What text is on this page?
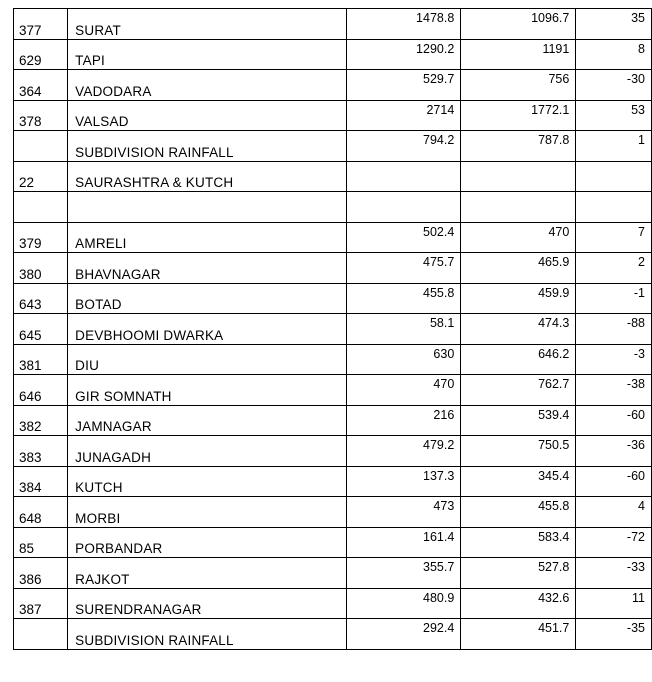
377	SURAT	1478.8	1096.7	35

629	TAPI	1290.2	1191	8

364	VADODARA	529.7	756	-30

378	VALSAD	2714	1772.1	53

	SUBDIVISION RAINFALL	794.2	787.8	1

22	SAURASHTRA & KUTCH			

379	AMRELI	502.4	470	7

380	BHAVNAGAR	475.7	465.9	2

643	BOTAD	455.8	459.9	-1

645	DEVBHOOMI DWARKA	58.1	474.3	-88

381	DIU	630	646.2	-3

646	GIR SOMNATH	470	762.7	-38

382	JAMNAGAR	216	539.4	-60

383	JUNAGADH	479.2	750.5	-36

384	KUTCH	137.3	345.4	-60

648	MORBI	473	455.8	4

85	PORBANDAR	161.4	583.4	-72

386	RAJKOT	355.7	527.8	-33

387	SURENDRANAGAR	480.9	432.6	11

	SUBDIVISION RAINFALL	292.4	451.7	-35
